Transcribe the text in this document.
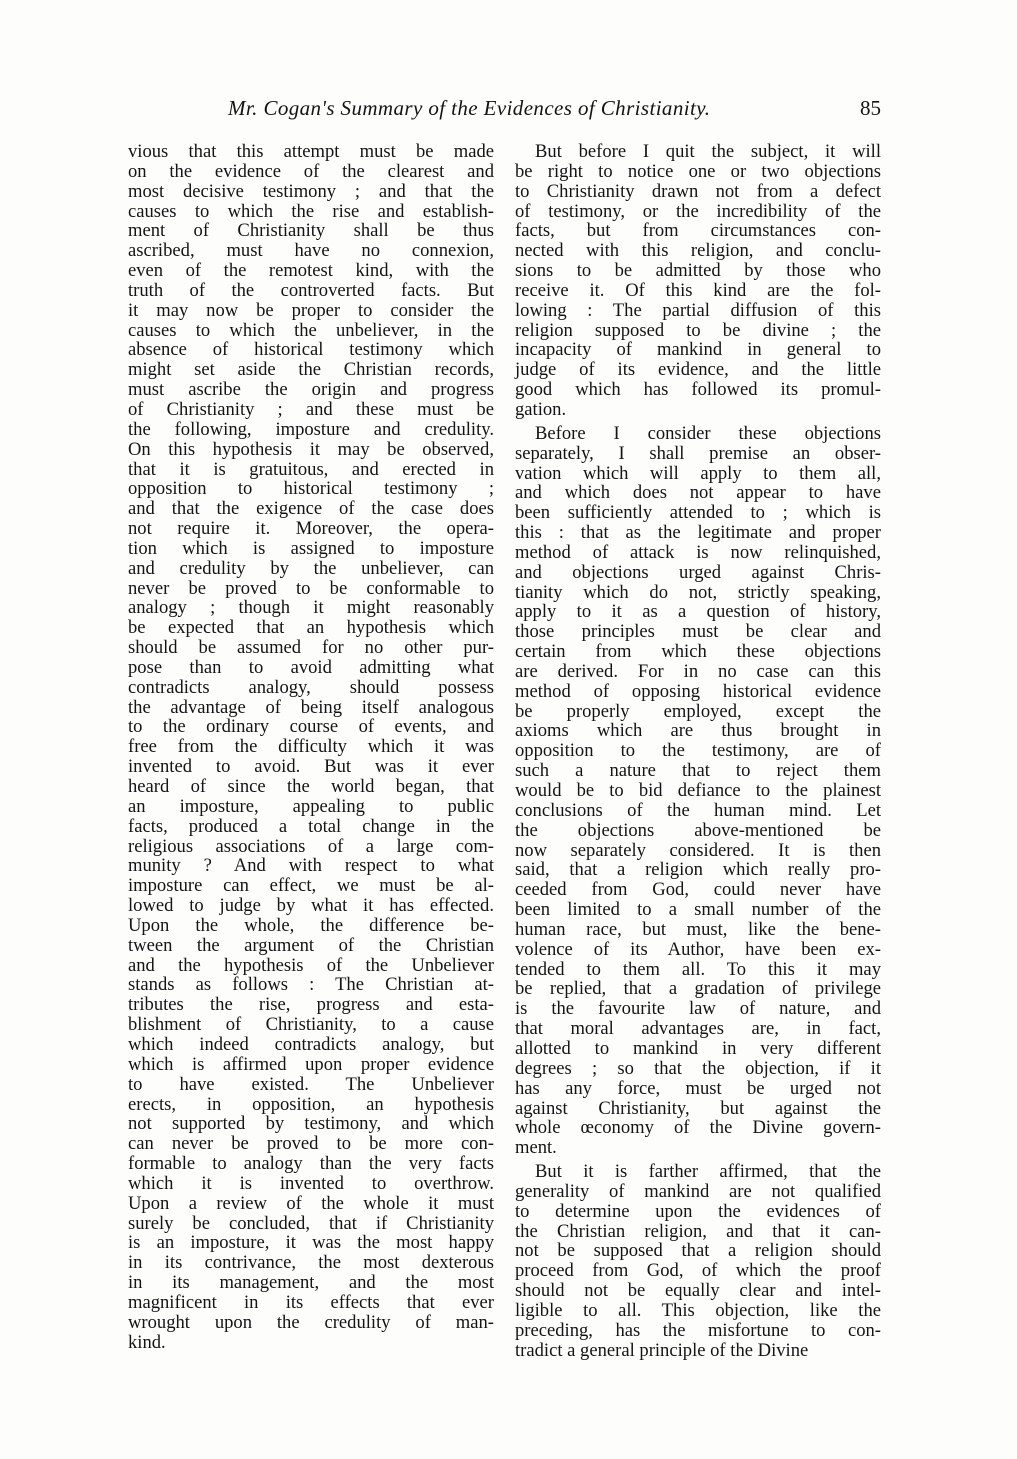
Mr. Cogan's Summary of the Evidences of Christianity.	85
vious that this attempt must be made
on the evidence of the clearest and
most decisive testimony ; and that the
causes to which the rise and establish-
ment of Christianity shall be thus
ascribed, must have no connexion,
even of the remotest kind, with the
truth of the controverted facts. But
it may now be proper to consider the
causes to which the unbeliever, in the
absence of historical testimony which
might set aside the Christian records,
must ascribe the origin and progress
of Christianity ; and these must be
the following, imposture and credulity.
On this hypothesis it may be observed,
that it is gratuitous, and erected in
opposition to historical testimony ;
and that the exigence of the case does
not require it. Moreover, the opera-
tion which is assigned to imposture
and credulity by the unbeliever, can
never be proved to be conformable to
analogy ; though it might reasonably
be expected that an hypothesis which
should be assumed for no other pur-
pose than to avoid admitting what
contradicts analogy, should possess
the advantage of being itself analogous
to the ordinary course of events, and
free from the difficulty which it was
invented to avoid. But was it ever
heard of since the world began, that
an imposture, appealing to public
facts, produced a total change in the
religious associations of a large com-
munity ? And with respect to what
imposture can effect, we must be al-
lowed to judge by what it has effected.
Upon the whole, the difference be-
tween the argument of the Christian
and the hypothesis of the Unbeliever
stands as follows : The Christian at-
tributes the rise, progress and esta-
blishment of Christianity, to a cause
which indeed contradicts analogy, but
which is affirmed upon proper evidence
to have existed. The Unbeliever
erects, in opposition, an hypothesis
not supported by testimony, and which
can never be proved to be more con-
formable to analogy than the very facts
which it is invented to overthrow.
Upon a review of the whole it must
surely be concluded, that if Christianity
is an imposture, it was the most happy
in its contrivance, the most dexterous
in its management, and the most
magnificent in its effects that ever
wrought upon the credulity of man-
kind.
But before I quit the subject, it will
be right to notice one or two objections
to Christianity drawn not from a defect
of testimony, or the incredibility of the
facts, but from circumstances con-
nected with this religion, and conclu-
sions to be admitted by those who
receive it. Of this kind are the fol-
lowing : The partial diffusion of this
religion supposed to be divine ; the
incapacity of mankind in general to
judge of its evidence, and the little
good which has followed its promul-
gation.
Before I consider these objections
separately, I shall premise an obser-
vation which will apply to them all,
and which does not appear to have
been sufficiently attended to ; which is
this : that as the legitimate and proper
method of attack is now relinquished,
and objections urged against Chris-
tianity which do not, strictly speaking,
apply to it as a question of history,
those principles must be clear and
certain from which these objections
are derived. For in no case can this
method of opposing historical evidence
be properly employed, except the
axioms which are thus brought in
opposition to the testimony, are of
such a nature that to reject them
would be to bid defiance to the plainest
conclusions of the human mind. Let
the objections above-mentioned be
now separately considered. It is then
said, that a religion which really pro-
ceeded from God, could never have
been limited to a small number of the
human race, but must, like the bene-
volence of its Author, have been ex-
tended to them all. To this it may
be replied, that a gradation of privilege
is the favourite law of nature, and
that moral advantages are, in fact,
allotted to mankind in very different
degrees ; so that the objection, if it
has any force, must be urged not
against Christianity, but against the
whole œconomy of the Divine govern-
ment.
But it is farther affirmed, that the
generality of mankind are not qualified
to determine upon the evidences of
the Christian religion, and that it can-
not be supposed that a religion should
proceed from God, of which the proof
should not be equally clear and intel-
ligible to all. This objection, like the
preceding, has the misfortune to con-
tradict a general principle of the Divine
